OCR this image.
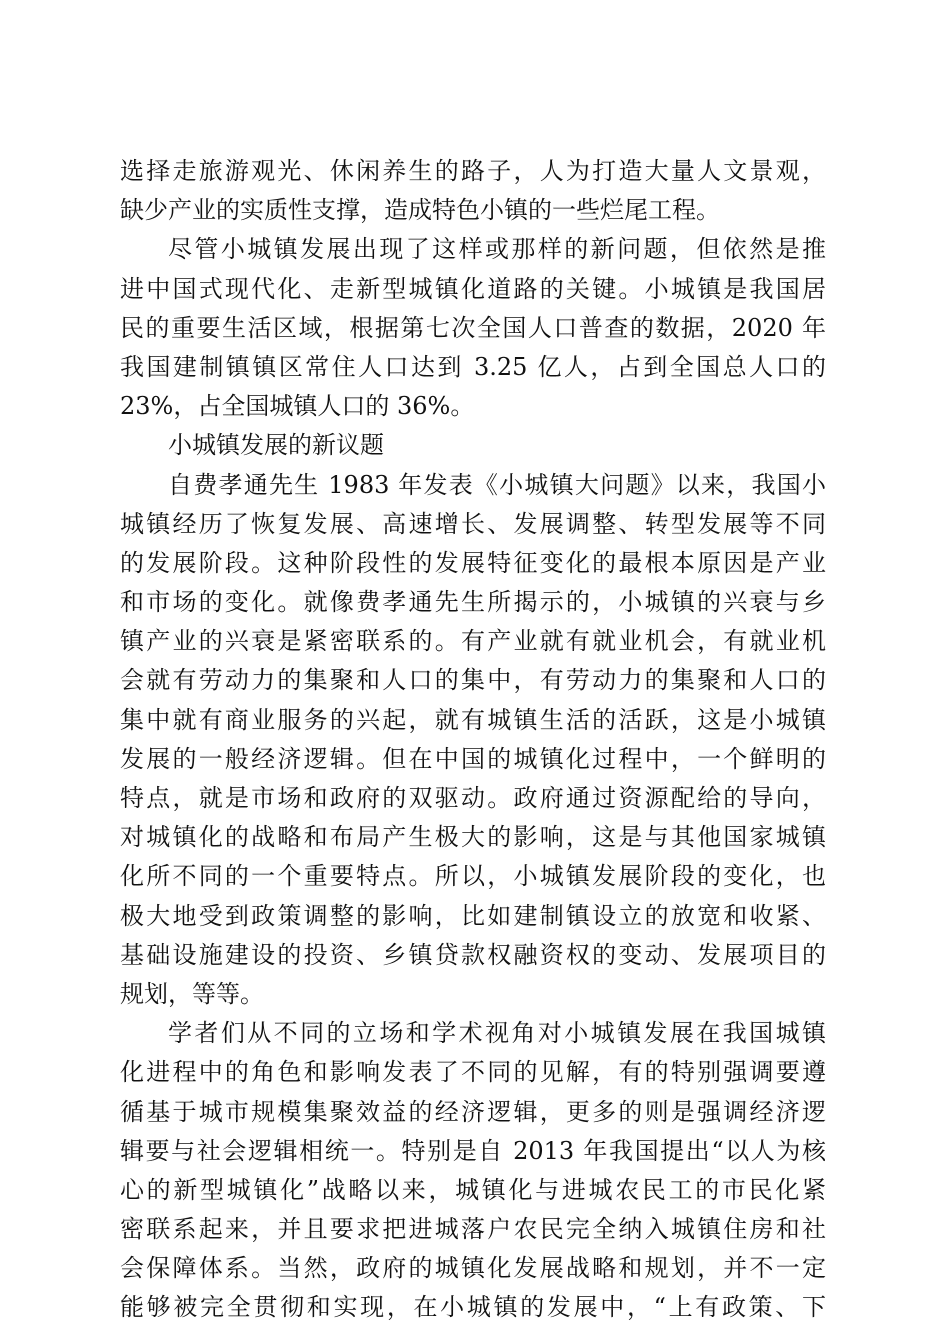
选择走旅游观光、休闲养生的路子，人为打造大量人文景观，
缺少产业的实质性支撑，造成特色小镇的一些烂尾工程。
尽管小城镇发展出现了这样或那样的新问题，但依然是推
进中国式现代化、走新型城镇化道路的关键。小城镇是我国居
民的重要生活区域，根据第七次全国人口普查的数据，2020 年
我国建制镇镇区常住人口达到 3.25 亿人，占到全国总人口的
23%，占全国城镇人口的 36%。
小城镇发展的新议题
自费孝通先生 1983 年发表《小城镇大问题》以来，我国小
城镇经历了恢复发展、高速增长、发展调整、转型发展等不同
的发展阶段。这种阶段性的发展特征变化的最根本原因是产业
和市场的变化。就像费孝通先生所揭示的，小城镇的兴衰与乡
镇产业的兴衰是紧密联系的。有产业就有就业机会，有就业机
会就有劳动力的集聚和人口的集中，有劳动力的集聚和人口的
集中就有商业服务的兴起，就有城镇生活的活跃，这是小城镇
发展的一般经济逻辑。但在中国的城镇化过程中，一个鲜明的
特点，就是市场和政府的双驱动。政府通过资源配给的导向，
对城镇化的战略和布局产生极大的影响，这是与其他国家城镇
化所不同的一个重要特点。所以，小城镇发展阶段的变化，也
极大地受到政策调整的影响，比如建制镇设立的放宽和收紧、
基础设施建设的投资、乡镇贷款权融资权的变动、发展项目的
规划，等等。
学者们从不同的立场和学术视角对小城镇发展在我国城镇
化进程中的角色和影响发表了不同的见解，有的特别强调要遵
循基于城市规模集聚效益的经济逻辑，更多的则是强调经济逻
辑要与社会逻辑相统一。特别是自 2013 年我国提出“以人为核
心的新型城镇化”战略以来，城镇化与进城农民工的市民化紧
密联系起来，并且要求把进城落户农民完全纳入城镇住房和社
会保障体系。当然，政府的城镇化发展战略和规划，并不一定
能够被完全贯彻和实现，在小城镇的发展中，“上有政策、下
